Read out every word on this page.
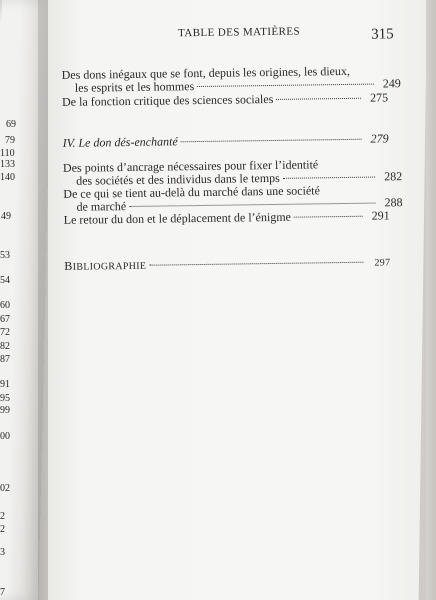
69
79
110
133
140
49
53
54
60
67
72
82
87
91
95
99
00
02
2
2
3
7
TABLE DES MATIÈRES	315
Des dons inégaux que se font, depuis les origines, les dieux,
les esprits et les hommes	249
De la fonction critique des sciences sociales	275
IV. Le don dés-enchanté	279
Des points d’ancrage nécessaires pour fixer l’identité
des sociétés et des individus dans le temps	282
De ce qui se tient au-delà du marché dans une société
de marché	288
Le retour du don et le déplacement de l’énigme	291
BIBLIOGRAPHIE	297
